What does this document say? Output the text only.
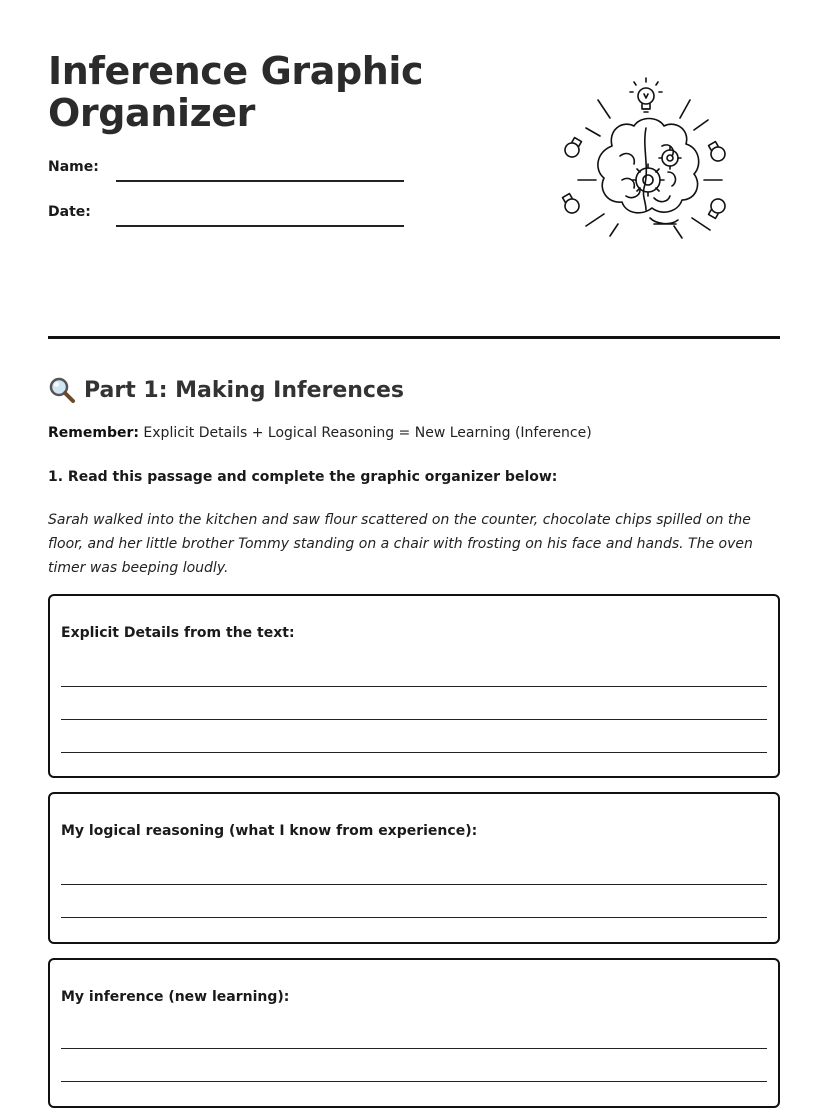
Inference Graphic Organizer
Name:
Date:
Part 1: Making Inferences
Remember: Explicit Details + Logical Reasoning = New Learning (Inference)
1. Read this passage and complete the graphic organizer below:
Sarah walked into the kitchen and saw flour scattered on the counter, chocolate chips spilled on the floor, and her little brother Tommy standing on a chair with frosting on his face and hands. The oven timer was beeping loudly.
Explicit Details from the text:
My logical reasoning (what I know from experience):
My inference (new learning):
